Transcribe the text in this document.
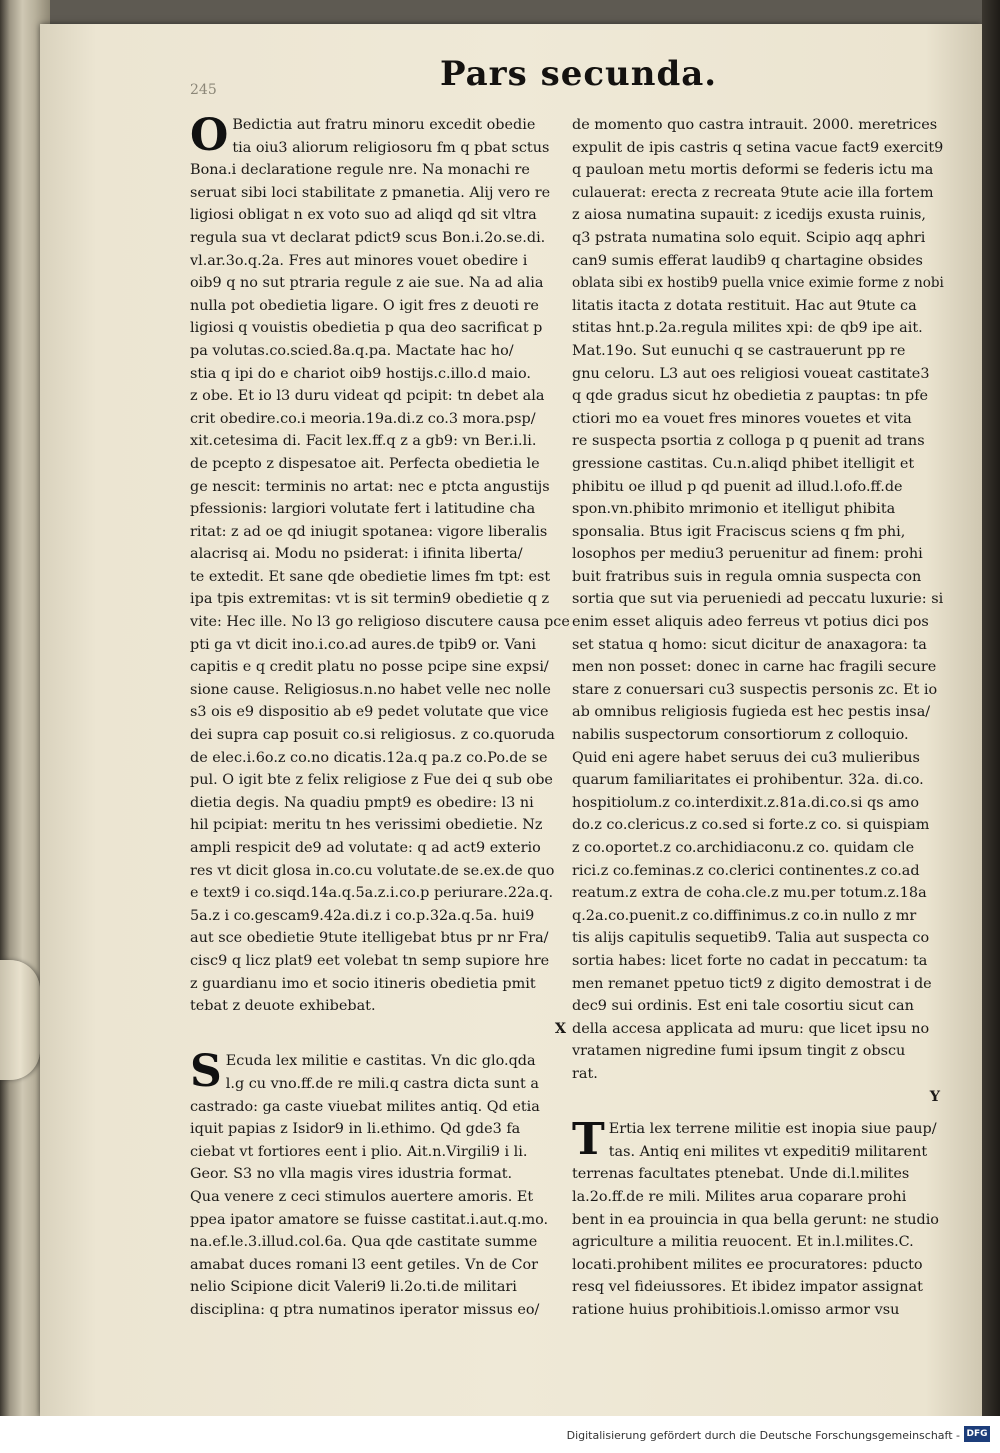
245	Pars secunda.
O Bedictia aut fratru minoru excedit obedie
tia oiu3 aliorum religiosoru fm q pbat sctus
Bona.i declaratione regule nre. Na monachi re
seruat sibi loci stabilitate z pmanetia. Alij vero re
ligiosi obligat n ex voto suo ad aliqd qd sit vltra
regula sua vt declarat pdict9 scus Bon.i.2o.se.di.
vl.ar.3o.q.2a. Fres aut minores vouet obedire i
oib9 q no sut ptraria regule z aie sue. Na ad alia
nulla pot obedietia ligare. O igit fres z deuoti re
ligiosi q vouistis obedietia p qua deo sacrificat p
pa volutas.co.scied.8a.q.pa. Mactate hac ho/
stia q ipi do e chariot oib9 hostijs.c.illo.d maio.
z obe. Et io l3 duru videat qd pcipit: tn debet ala
crit obedire.co.i meoria.19a.di.z co.3 mora.psp/
xit.cetesima di. Facit lex.ff.q z a gb9: vn Ber.i.li.
de pcepto z dispesatoe ait. Perfecta obedietia le
ge nescit: terminis no artat: nec e ptcta angustijs
pfessionis: largiori volutate fert i latitudine cha
ritat: z ad oe qd iniugit spotanea: vigore liberalis
alacrisq ai. Modu no psiderat: i ifinita liberta/
te extedit. Et sane qde obedietie limes fm tpt: est
ipa tpis extremitas: vt is sit termin9 obedietie q z
vite: Hec ille. No l3 go religioso discutere causa pce
pti ga vt dicit ino.i.co.ad aures.de tpib9 or. Vani
capitis e q credit platu no posse pcipe sine expsi/
sione cause. Religiosus.n.no habet velle nec nolle
s3 ois e9 dispositio ab e9 pedet volutate que vice
dei supra cap posuit co.si religiosus. z co.quoruda
de elec.i.6o.z co.no dicatis.12a.q pa.z co.Po.de se
pul. O igit bte z felix religiose z Fue dei q sub obe
dietia degis. Na quadiu pmpt9 es obedire: l3 ni
hil pcipiat: meritu tn hes verissimi obedietie. Nz
ampli respicit de9 ad volutate: q ad act9 exterio
res vt dicit glosa in.co.cu volutate.de se.ex.de quo
e text9 i co.siqd.14a.q.5a.z.i.co.p periurare.22a.q.
5a.z i co.gescam9.42a.di.z i co.p.32a.q.5a. hui9
aut sce obedietie 9tute itelligebat btus pr nr Fra/
cisc9 q licz plat9 eet volebat tn semp supiore hre
z guardianu imo et socio itineris obedietia pmit
tebat z deuote exhibebat.
X
S Ecuda lex militie e castitas. Vn dic glo.qda
l.g cu vno.ff.de re mili.q castra dicta sunt a
castrado: ga caste viuebat milites antiq. Qd etia
iquit papias z Isidor9 in li.ethimo. Qd gde3 fa
ciebat vt fortiores eent i plio. Ait.n.Virgili9 i li.
Geor. S3 no vlla magis vires idustria format.
Qua venere z ceci stimulos auertere amoris. Et
ppea ipator amatore se fuisse castitat.i.aut.q.mo.
na.ef.le.3.illud.col.6a. Qua qde castitate summe
amabat duces romani l3 eent getiles. Vn de Cor
nelio Scipione dicit Valeri9 li.2o.ti.de militari
disciplina: q ptra numatinos iperator missus eo/
de momento quo castra intrauit. 2000. meretrices
expulit de ipis castris q setina vacue fact9 exercit9
q pauloan metu mortis deformi se federis ictu ma
culauerat: erecta z recreata 9tute acie illa fortem
z aiosa numatina supauit: z icedijs exusta ruinis,
q3 pstrata numatina solo equit. Scipio aqq aphri
can9 sumis efferat laudib9 q chartagine obsides
oblata sibi ex hostib9 puella vnice eximie forme z nobi
litatis itacta z dotata restituit. Hac aut 9tute ca
stitas hnt.p.2a.regula milites xpi: de qb9 ipe ait.
Mat.19o. Sut eunuchi q se castrauerunt pp re
gnu celoru. L3 aut oes religiosi voueat castitate3
q qde gradus sicut hz obedietia z pauptas: tn pfe
ctiori mo ea vouet fres minores vouetes et vita
re suspecta psortia z colloga p q puenit ad trans
gressione castitas. Cu.n.aliqd phibet itelligit et
phibitu oe illud p qd puenit ad illud.l.ofo.ff.de
spon.vn.phibito mrimonio et itelligut phibita
sponsalia. Btus igit Fraciscus sciens q fm phi,
losophos per mediu3 peruenitur ad finem: prohi
buit fratribus suis in regula omnia suspecta con
sortia que sut via perueniedi ad peccatu luxurie: si
enim esset aliquis adeo ferreus vt potius dici pos
set statua q homo: sicut dicitur de anaxagora: ta
men non posset: donec in carne hac fragili secure
stare z conuersari cu3 suspectis personis zc. Et io
ab omnibus religiosis fugieda est hec pestis insa/
nabilis suspectorum consortiorum z colloquio.
Quid eni agere habet seruus dei cu3 mulieribus
quarum familiaritates ei prohibentur. 32a. di.co.
hospitiolum.z co.interdixit.z.81a.di.co.si qs amo
do.z co.clericus.z co.sed si forte.z co. si quispiam
z co.oportet.z co.archidiaconu.z co. quidam cle
rici.z co.feminas.z co.clerici continentes.z co.ad
reatum.z extra de coha.cle.z mu.per totum.z.18a
q.2a.co.puenit.z co.diffinimus.z co.in nullo z mr
tis alijs capitulis sequetib9. Talia aut suspecta co
sortia habes: licet forte no cadat in peccatum: ta
men remanet ppetuo tict9 z digito demostrat i de
dec9 sui ordinis. Est eni tale cosortiu sicut can
della accesa applicata ad muru: que licet ipsu no
vratamen nigredine fumi ipsum tingit z obscu
rat.
Y
T Ertia lex terrene militie est inopia siue paup/
tas. Antiq eni milites vt expediti9 militarent
terrenas facultates ptenebat. Unde di.l.milites
la.2o.ff.de re mili. Milites arua coparare prohi
bent in ea prouincia in qua bella gerunt: ne studio
agriculture a militia reuocent. Et in.l.milites.C.
locati.prohibent milites ee procuratores: pducto
resq vel fideiussores. Et ibidez impator assignat
ratione huius prohibitiois.l.omisso armor vsu
Digitalisierung gefördert durch die Deutsche Forschungsgemeinschaft - DFG
